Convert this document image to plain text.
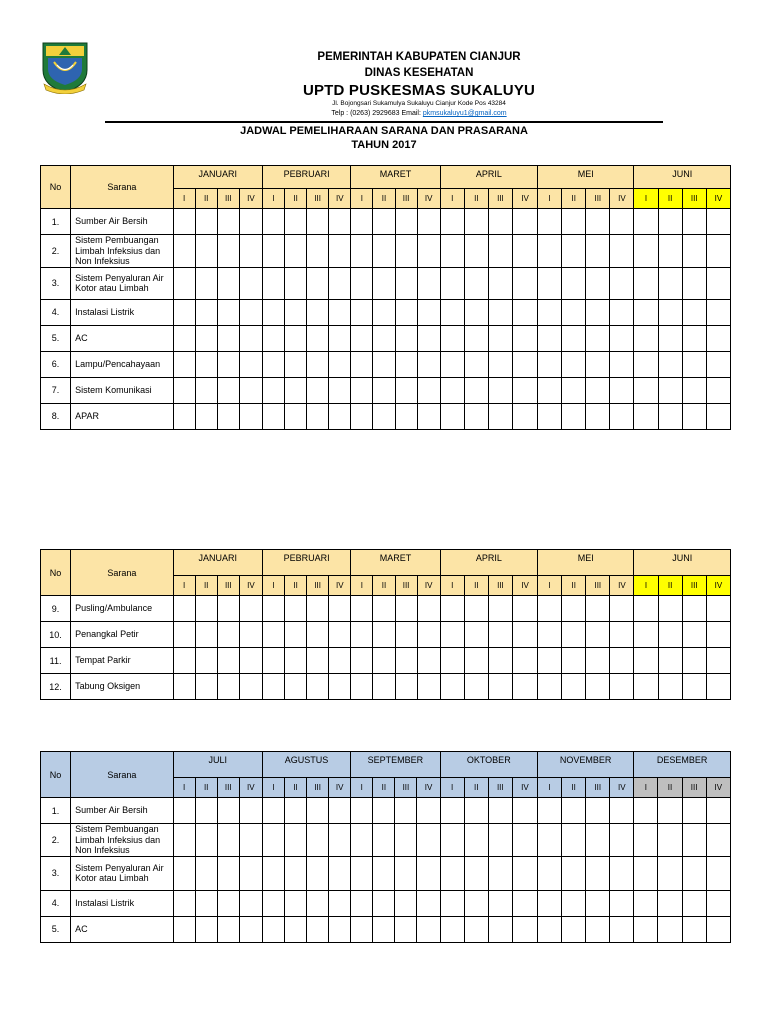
PEMERINTAH KABUPATEN CIANJUR
DINAS KESEHATAN
UPTD PUSKESMAS SUKALUYU
Jl. Bojongsari Sukamulya Sukaluyu Cianjur Kode Pos 43284
Telp : (0263) 2929683 Email: pkmsukaluyu1@gmail.com
JADWAL PEMELIHARAAN SARANA DAN PRASARANA
TAHUN 2017
No	Sarana	JANUARI				PEBRUARI				MARET				APRIL				MEI				JUNI			
		I	II	III	IV	I	II	III	IV	I	II	III	IV	I	II	III	IV	I	II	III	IV	I	II	III	IV
1.	Sumber Air Bersih																								
2.	Sistem Pembuangan Limbah Infeksius dan Non Infeksius																								
3.	Sistem Penyaluran Air Kotor atau Limbah																								
4.	Instalasi Listrik																								
5.	AC																								
6.	Lampu/Pencahayaan																								
7.	Sistem Komunikasi																								
8.	APAR																								
No	Sarana	JANUARI				PEBRUARI				MARET				APRIL				MEI				JUNI			
		I	II	III	IV	I	II	III	IV	I	II	III	IV	I	II	III	IV	I	II	III	IV	I	II	III	IV
9.	Pusling/Ambulance																								
10.	Penangkal Petir																								
11.	Tempat Parkir																								
12.	Tabung Oksigen																								
No	Sarana	JULI				AGUSTUS				SEPTEMBER				OKTOBER				NOVEMBER				DESEMBER			
		I	II	III	IV	I	II	III	IV	I	II	III	IV	I	II	III	IV	I	II	III	IV	I	II	III	IV
1.	Sumber Air Bersih																								
2.	Sistem Pembuangan Limbah Infeksius dan Non Infeksius																								
3.	Sistem Penyaluran Air Kotor atau Limbah																								
4.	Instalasi Listrik																								
5.	AC																								
